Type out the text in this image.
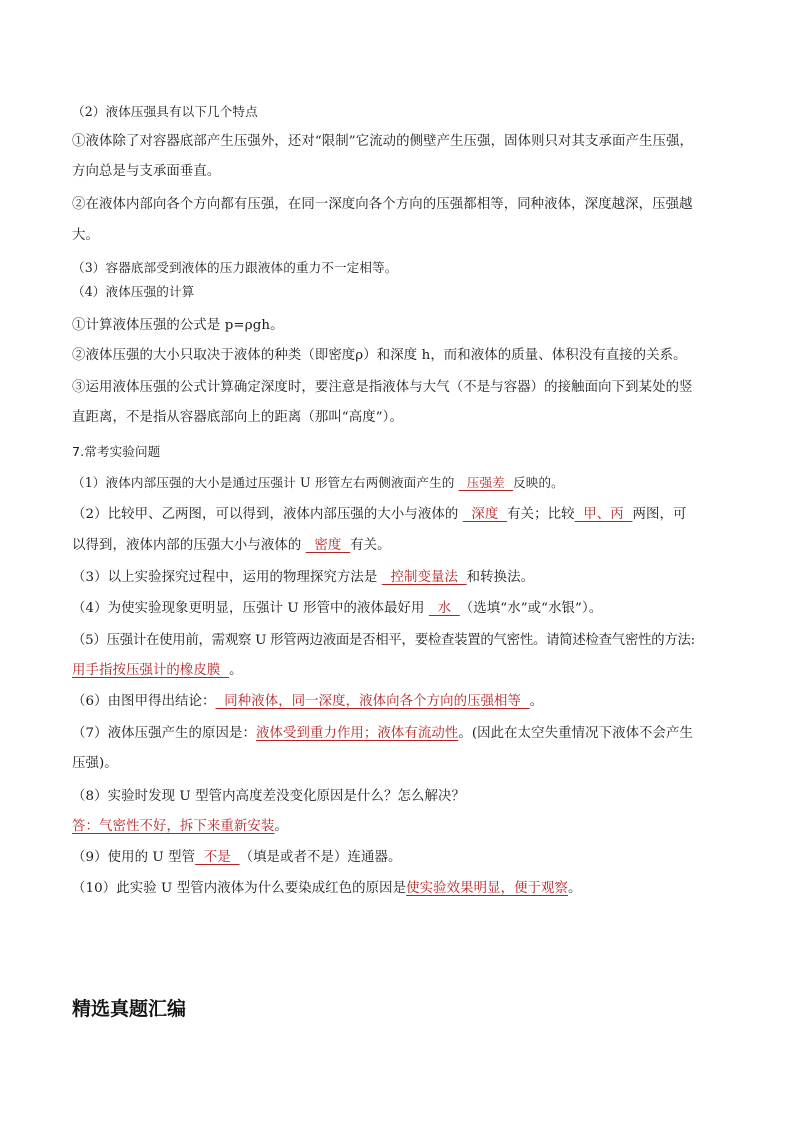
（2）液体压强具有以下几个特点

①液体除了对容器底部产生压强外，还对“限制”它流动的侧壁产生压强，固体则只对其支承面产生压强，

方向总是与支承面垂直。

②在液体内部向各个方向都有压强，在同一深度向各个方向的压强都相等，同种液体，深度越深，压强越

大。

（3）容器底部受到液体的压力跟液体的重力不一定相等。

（4）液体压强的计算

①计算液体压强的公式是 p=ρgh。

②液体压强的大小只取决于液体的种类（即密度ρ）和深度 h，而和液体的质量、体积没有直接的关系。

③运用液体压强的公式计算确定深度时，要注意是指液体与大气（不是与容器）的接触面向下到某处的竖

直距离，不是指从容器底部向上的距离（那叫“高度”）。

7.常考实验问题

（1）液体内部压强的大小是通过压强计 U 形管左右两侧液面产生的   压强差  反映的。

（2）比较甲、乙两图，可以得到，液体内部压强的大小与液体的   深度  有关；比较  甲、丙  两图，可

以得到，液体内部的压强大小与液体的   密度  有关。

（3）以上实验探究过程中，运用的物理探究方法是   控制变量法  和转换法。

（4）为使实验现象更明显，压强计 U 形管中的液体最好用   水  （选填“水”或“水银”）。

（5）压强计在使用前，需观察 U 形管两边液面是否相平，要检查装置的气密性。请简述检查气密性的方法:

用手指按压强计的橡皮膜  。

（6）由图甲得出结论：  同种液体，同一深度，液体向各个方向的压强相等  。

（7）液体压强产生的原因是：液体受到重力作用；液体有流动性。(因此在太空失重情况下液体不会产生

压强)。

（8）实验时发现 U 型管内高度差没变化原因是什么？怎么解决？

答：气密性不好，拆下来重新安装。

（9）使用的 U 型管  不是  （填是或者不是）连通器。

（10）此实验 U 型管内液体为什么要染成红色的原因是使实验效果明显，便于观察。

精选真题汇编
